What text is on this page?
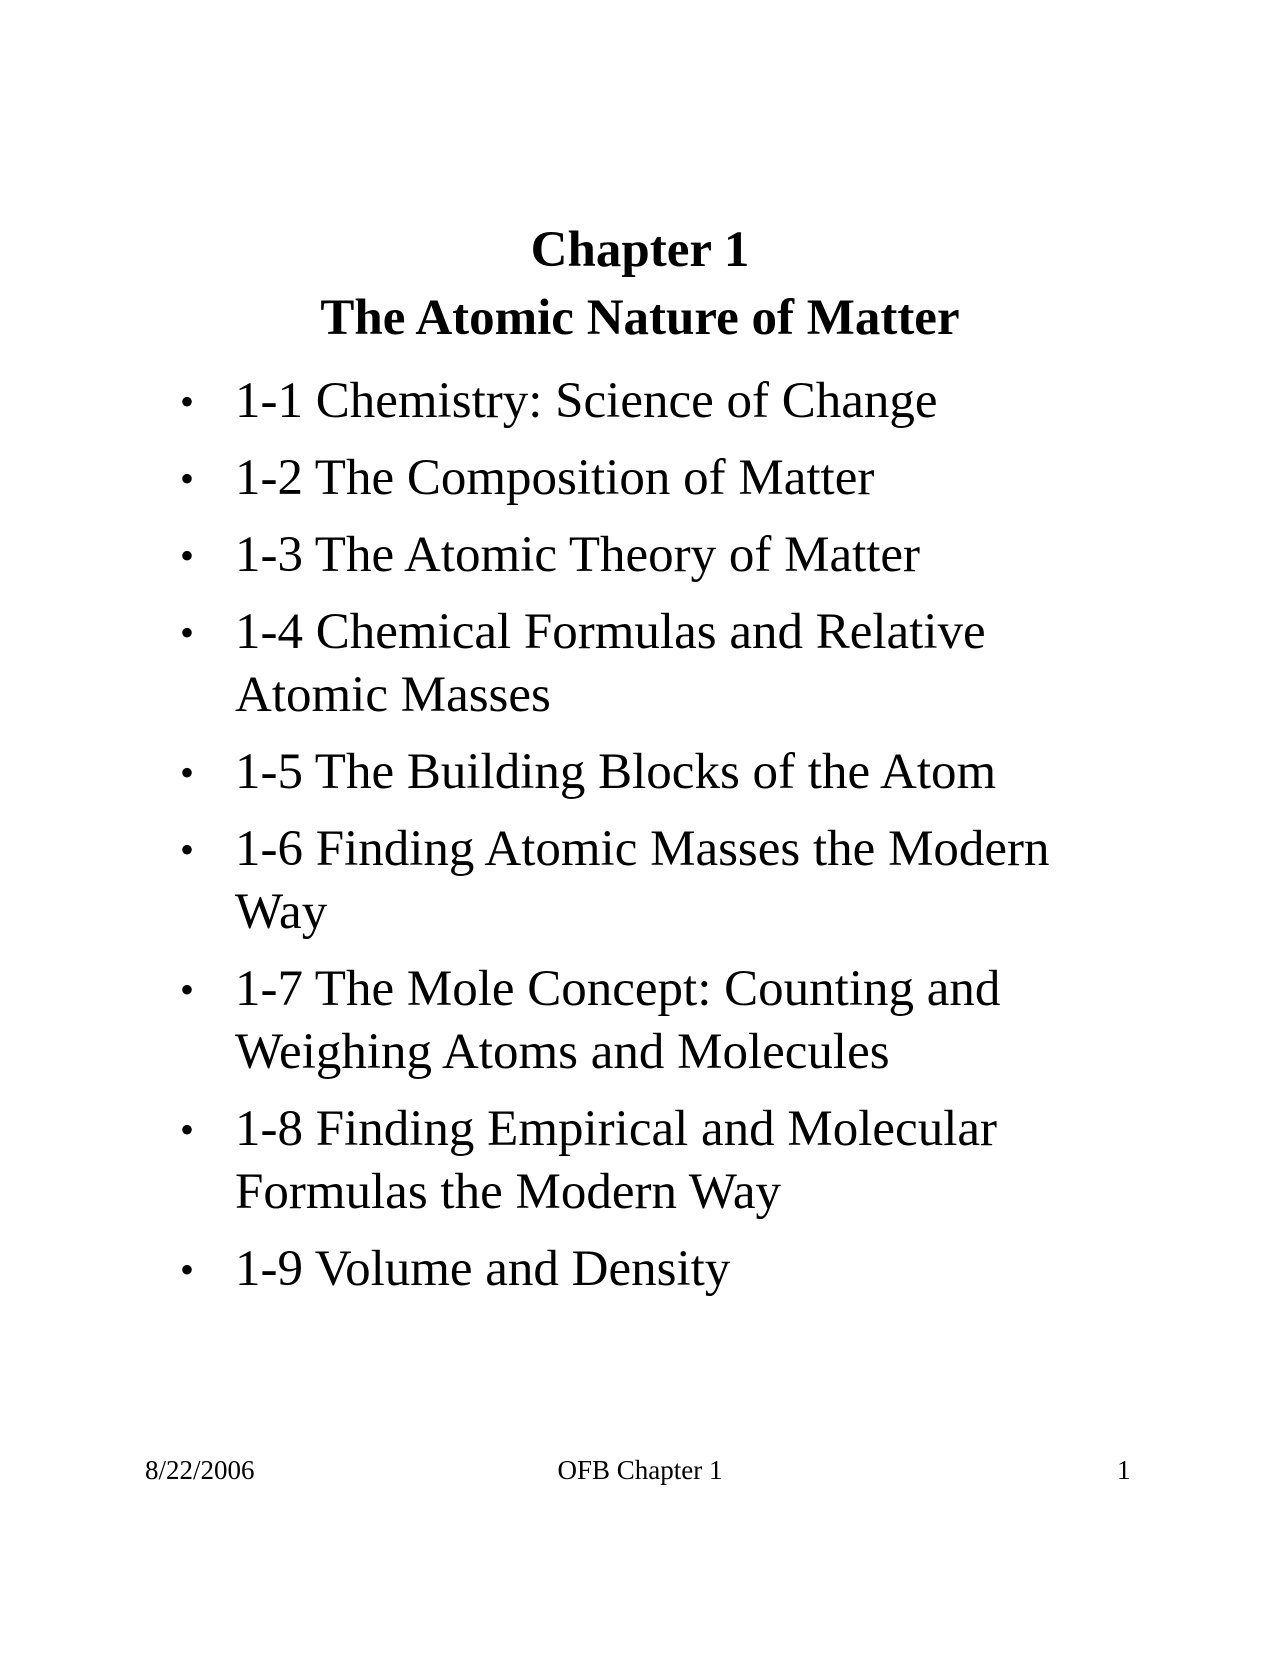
Chapter 1
The Atomic Nature of Matter
• 1-1 Chemistry: Science of Change
• 1-2 The Composition of Matter
• 1-3 The Atomic Theory of Matter
• 1-4 Chemical Formulas and Relative Atomic Masses
• 1-5 The Building Blocks of the Atom
• 1-6 Finding Atomic Masses the Modern Way
• 1-7 The Mole Concept: Counting and Weighing Atoms and Molecules
• 1-8 Finding Empirical and Molecular Formulas the Modern Way
• 1-9 Volume and Density
8/22/2006	OFB Chapter 1	1
